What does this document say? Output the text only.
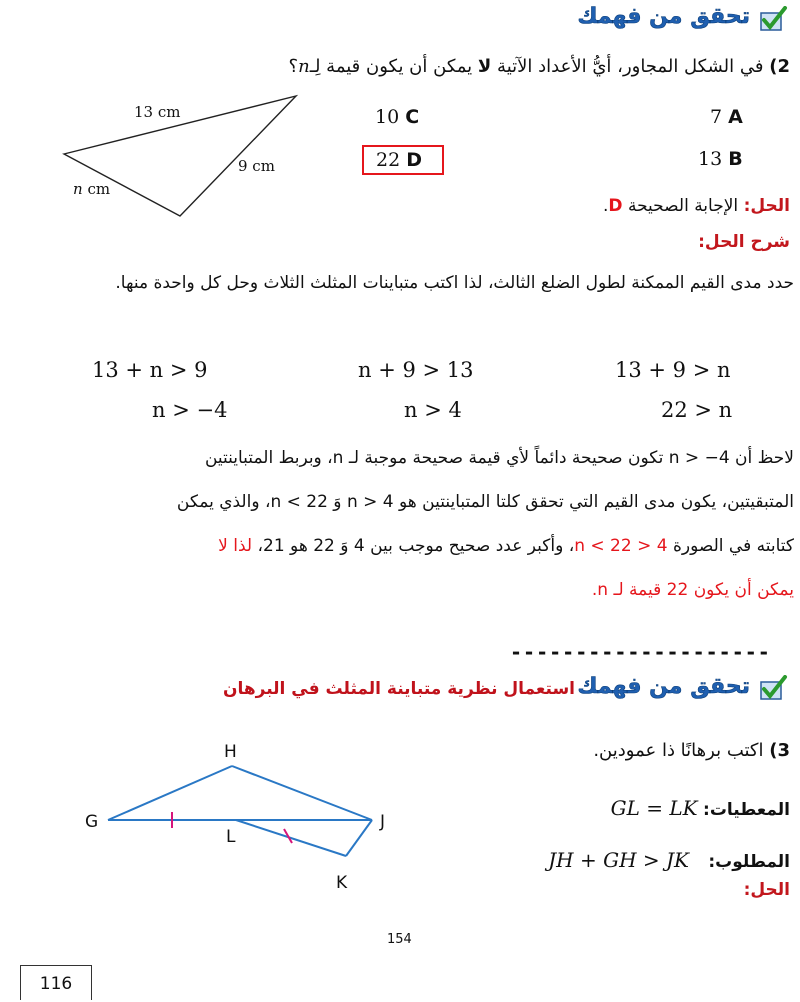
تحقق من فهمك
2) في الشكل المجاور، أيُّ الأعداد الآتية لا يمكن أن يكون قيمة لِـn؟
13 cm
9 cm
n cm
10 C	7 A
22 D	13 B
الحل: الإجابة الصحيحة D.
شرح الحل:
حدد مدى القيم الممكنة لطول الضلع الثالث، لذا اكتب متباينات المثلث الثلاث وحل كل واحدة منها.
13 + n > 9	n + 9 > 13	13 + 9 > n
n > −4	n > 4	22 > n
لاحظ أن n > −4 تكون صحيحة دائماً لأي قيمة صحيحة موجبة لـ n، وبربط المتباينتين
المتبقيتين، يكون مدى القيم التي تحقق كلتا المتباينتين هو n > 4 وَ n < 22، والذي يمكن
كتابته في الصورة 4 < n < 22، وأكبر عدد صحيح موجب بين 4 وَ 22 هو 21، لذا لا
يمكن أن يكون 22 قيمة لـ n.
--------------------
تحقق من فهمك
استعمال نظرية متباينة المثلث في البرهان
H
G
L
J
K
3) اكتب برهانًا ذا عمودين.
المعطيات: GL = LK
المطلوب: JH + GH > JK
الحل:
154
116
